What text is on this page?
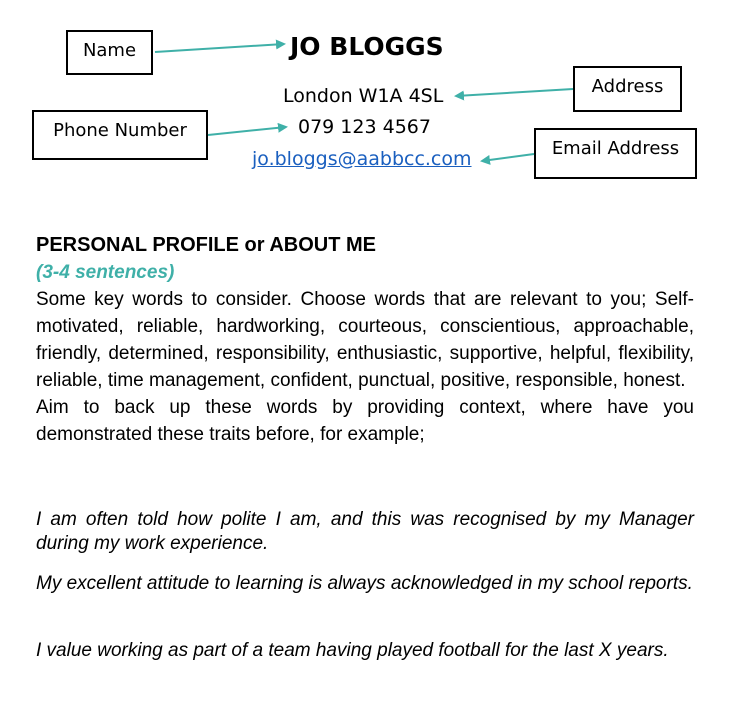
Name
Address
Phone Number
Email Address
JO BLOGGS
London W1A 4SL
079 123 4567
jo.bloggs@aabbcc.com
PERSONAL PROFILE or ABOUT ME
(3-4 sentences)

Some key words to consider. Choose words that are relevant to you; Self-motivated, reliable, hardworking, courteous, conscientious, approachable, friendly, determined, responsibility, enthusiastic, supportive, helpful, flexibility, reliable, time management, confident, punctual, positive, responsible, honest.

Aim to back up these words by providing context, where have you demonstrated these traits before, for example;

I am often told how polite I am, and this was recognised by my Manager during my work experience.

My excellent attitude to learning is always acknowledged in my school reports.

I value working as part of a team having played football for the last X years.
